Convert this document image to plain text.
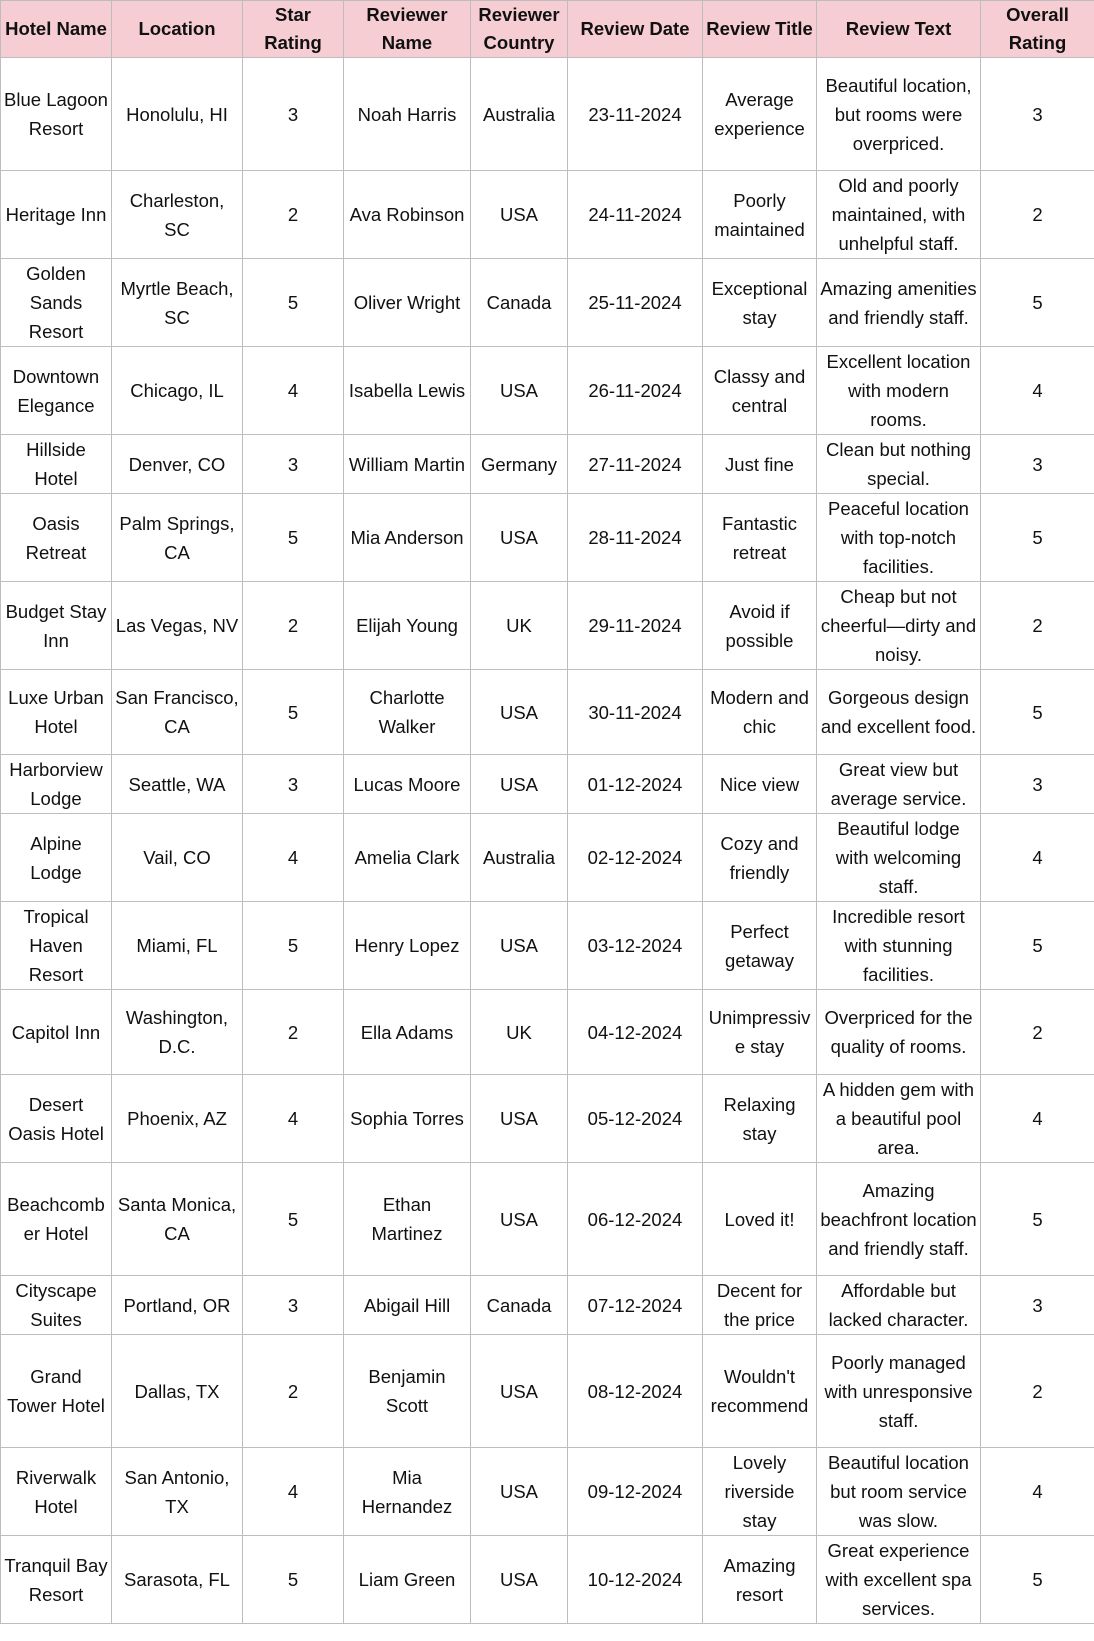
Hotel Name	Location	Star Rating	Reviewer Name	Reviewer Country	Review Date	Review Title	Review Text	Overall Rating
Blue Lagoon Resort	Honolulu, HI	3	Noah Harris	Australia	23-11-2024	Average experience	Beautiful location, but rooms were overpriced.	3
Heritage Inn	Charleston, SC	2	Ava Robinson	USA	24-11-2024	Poorly maintained	Old and poorly maintained, with unhelpful staff.	2
Golden Sands Resort	Myrtle Beach, SC	5	Oliver Wright	Canada	25-11-2024	Exceptional stay	Amazing amenities and friendly staff.	5
Downtown Elegance	Chicago, IL	4	Isabella Lewis	USA	26-11-2024	Classy and central	Excellent location with modern rooms.	4
Hillside Hotel	Denver, CO	3	William Martin	Germany	27-11-2024	Just fine	Clean but nothing special.	3
Oasis Retreat	Palm Springs, CA	5	Mia Anderson	USA	28-11-2024	Fantastic retreat	Peaceful location with top-notch facilities.	5
Budget Stay Inn	Las Vegas, NV	2	Elijah Young	UK	29-11-2024	Avoid if possible	Cheap but not cheerful—dirty and noisy.	2
Luxe Urban Hotel	San Francisco, CA	5	Charlotte Walker	USA	30-11-2024	Modern and chic	Gorgeous design and excellent food.	5
Harborview Lodge	Seattle, WA	3	Lucas Moore	USA	01-12-2024	Nice view	Great view but average service.	3
Alpine Lodge	Vail, CO	4	Amelia Clark	Australia	02-12-2024	Cozy and friendly	Beautiful lodge with welcoming staff.	4
Tropical Haven Resort	Miami, FL	5	Henry Lopez	USA	03-12-2024	Perfect getaway	Incredible resort with stunning facilities.	5
Capitol Inn	Washington, D.C.	2	Ella Adams	UK	04-12-2024	Unimpressive stay	Overpriced for the quality of rooms.	2
Desert Oasis Hotel	Phoenix, AZ	4	Sophia Torres	USA	05-12-2024	Relaxing stay	A hidden gem with a beautiful pool area.	4
Beachcomber Hotel	Santa Monica, CA	5	Ethan Martinez	USA	06-12-2024	Loved it!	Amazing beachfront location and friendly staff.	5
Cityscape Suites	Portland, OR	3	Abigail Hill	Canada	07-12-2024	Decent for the price	Affordable but lacked character.	3
Grand Tower Hotel	Dallas, TX	2	Benjamin Scott	USA	08-12-2024	Wouldn't recommend	Poorly managed with unresponsive staff.	2
Riverwalk Hotel	San Antonio, TX	4	Mia Hernandez	USA	09-12-2024	Lovely riverside stay	Beautiful location but room service was slow.	4
Tranquil Bay Resort	Sarasota, FL	5	Liam Green	USA	10-12-2024	Amazing resort	Great experience with excellent spa services.	5
